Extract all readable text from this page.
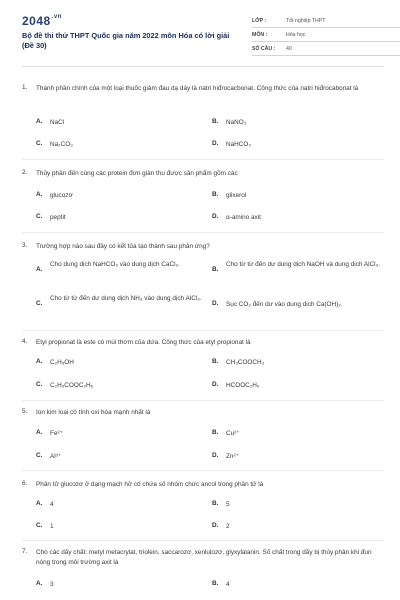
$2048^{.vn}$
Bộ đề thi thử THPT Quốc gia năm 2022 môn Hóa có lời giải (Đề 30)
LỚP :	Tốt nghiệp THPT
MÔN :	Hóa học
SỐ CÂU : 40
1. Thành phần chính của một loại thuốc giảm đau dạ dày là natri hiđrocacbonat. Công thức của natri hiđrocabonat là
A. NaCl	B. NaNO₃
C. Na₂CO₃	D. NaHCO₃
2. Thủy phân đến cùng các protein đơn giản thu được sản phẩm gồm các
A. glucozơ	B. glixerol
C. peptit	D. α-amino axit
3. Trường hợp nào sau đây có kết tủa tạo thành sau phản ứng?
A.
Cho dung dịch NaHCO₃ vào dung dịch CaCl₂.
B.
Cho từ từ đến dư dung dịch NaOH và dung dịch AlCl₃.
C.
Cho từ từ đến dư dung dịch NH₃ vào dung dịch AlCl₃.
D. Sục CO₂ đến dư vào dung dịch Ca(OH)₂.
4. Etyl propionat là este có mùi thơm của dứa. Công thức của etyl propionat là
A. C₂H₅OH	B. CH₃COOCH₃
C. C₂H₅COOC₂H₅	D. HCOOC₂H₅
5. Ion kim loại có tính oxi hóa mạnh nhất là
A. Fe²⁺	B. Cu²⁺
C. Al³⁺	D. Zn²⁺
6. Phân tử glucozơ ở dạng mạch hở có chứa số nhóm chức ancol trong phân tử là
A. 4	B. 5
C. 1	D. 2
7. Cho các dãy chất: metyl metacrylat, triolein, saccarozơ, xenlulozơ, glyxylalanin. Số chất trong dãy bị thủy phân khi đun nóng trong môi trường axit là
A. 3	B. 4
